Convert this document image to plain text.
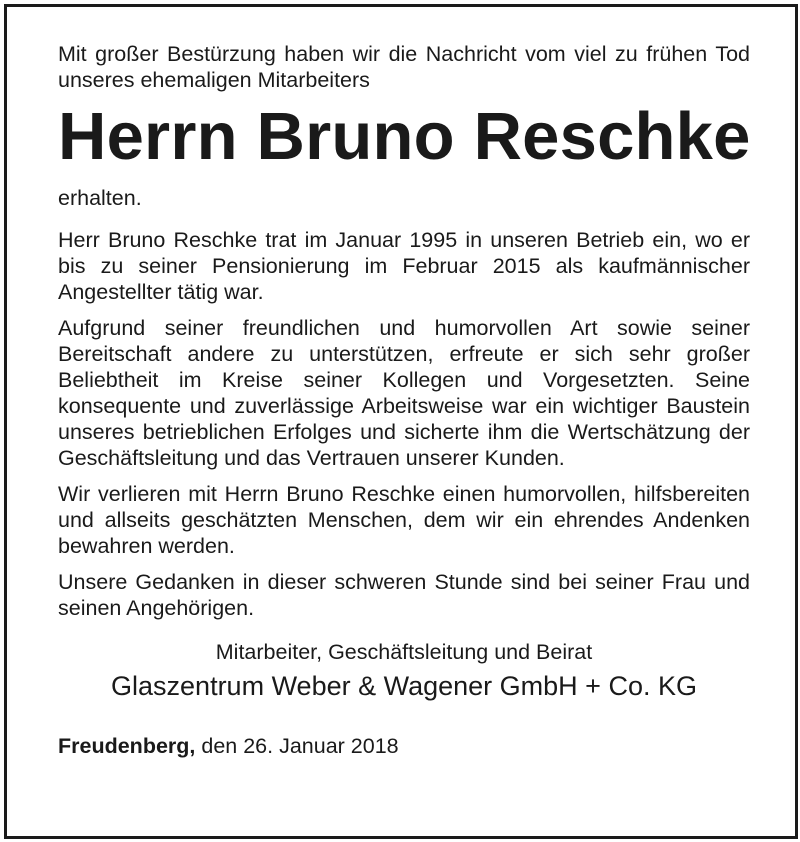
Mit großer Bestürzung haben wir die Nachricht vom viel zu frühen Tod unseres ehemaligen Mitarbeiters

Herrn Bruno Reschke

erhalten.

Herr Bruno Reschke trat im Januar 1995 in unseren Betrieb ein, wo er bis zu seiner Pensionierung im Februar 2015 als kaufmännischer Angestellter tätig war.

Aufgrund seiner freundlichen und humorvollen Art sowie seiner Bereitschaft andere zu unterstützen, erfreute er sich sehr großer Beliebtheit im Kreise seiner Kollegen und Vorgesetzten. Seine konsequente und zuverlässige Arbeitsweise war ein wichtiger Baustein unseres betrieblichen Erfolges und sicherte ihm die Wertschätzung der Geschäftsleitung und das Vertrauen unserer Kunden.

Wir verlieren mit Herrn Bruno Reschke einen humorvollen, hilfsbereiten und allseits geschätzten Menschen, dem wir ein ehrendes Andenken bewahren werden.

Unsere Gedanken in dieser schweren Stunde sind bei seiner Frau und seinen Angehörigen.

Mitarbeiter, Geschäftsleitung und Beirat
Glaszentrum Weber & Wagener GmbH + Co. KG

Freudenberg, den 26. Januar 2018
